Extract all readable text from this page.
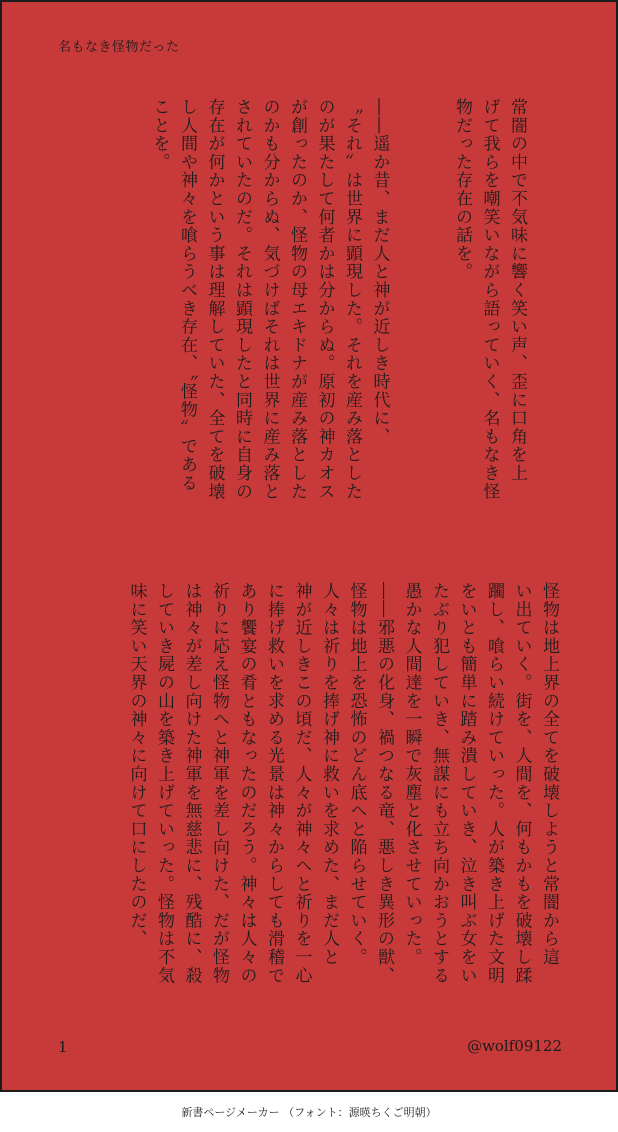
名もなき怪物だった
常闇の中で不気味に響く笑い声、歪に口角を上
げて我らを嘲笑いながら語っていく、名もなき怪
物だった存在の話を。
――遥か昔、まだ人と神が近しき時代に、
〝それ〟は世界に顕現した。それを産み落とした
のが果たして何者かは分からぬ。原初の神カオス
が創ったのか、怪物の母エキドナが産み落とした
のかも分からぬ、気づけばそれは世界に産み落と
されていたのだ。それは顕現したと同時に自身の
存在が何かという事は理解していた、全てを破壊
し人間や神々を喰らうべき存在、〝怪物〟である
ことを。
怪物は地上界の全てを破壊しようと常闇から這
い出ていく。街を、人間を、何もかもを破壊し蹂
躙し、喰らい続けていった。人が築き上げた文明
をいとも簡単に踏み潰していき、泣き叫ぶ女をい
たぶり犯していき、無謀にも立ち向かおうとする
愚かな人間達を一瞬で灰塵と化させていった。
――邪悪の化身、禍つなる竜、悪しき異形の獣、
怪物は地上を恐怖のどん底へと陥らせていく。
人々は祈りを捧げ神に救いを求めた、まだ人と
神が近しきこの頃だ、人々が神々へと祈りを一心
に捧げ救いを求める光景は神々からしても滑稽で
あり饗宴の肴ともなったのだろう。神々は人々の
祈りに応え怪物へと神軍を差し向けた、だが怪物
は神々が差し向けた神軍を無慈悲に、残酷に、殺
していき屍の山を築き上げていった。怪物は不気
味に笑い天界の神々に向けて口にしたのだ、
1	@wolf09122
新書ページメーカー （フォント：源暎ちくご明朝）
